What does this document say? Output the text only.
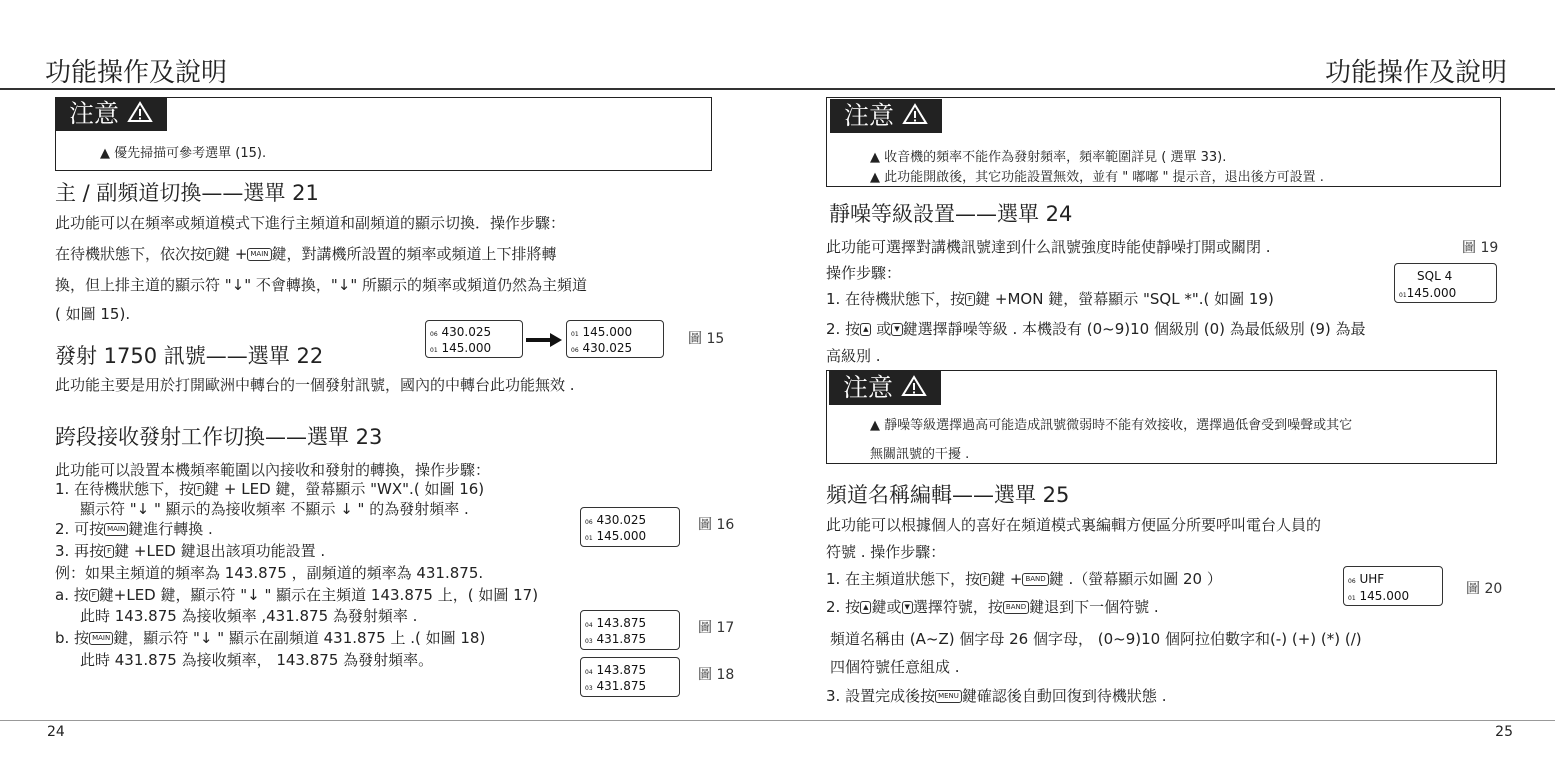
功能操作及說明	功能操作及說明
注意
▲ 優先掃描可參考選單 (15).
主 / 副頻道切換——選單 21
此功能可以在頻率或頻道模式下進行主頻道和副頻道的顯示切換．操作步驟：
在待機狀態下，依次按 F 鍵 + MAIN 鍵，對講機所設置的頻率或頻道上下排將轉
換，但上排主道的顯示符 "↓" 不會轉換，"↓" 所顯示的頻率或頻道仍然為主頻道
( 如圖 15).
06 430.025
01 145.000
01 145.000
06 430.025
圖 15
發射 1750 訊號——選單 22
此功能主要是用於打開歐洲中轉台的一個發射訊號，國內的中轉台此功能無效 .
跨段接收發射工作切換——選單 23
此功能可以設置本機頻率範圍以內接收和發射的轉換，操作步驟：
1. 在待機狀態下，按 F 鍵 + LED 鍵，螢幕顯示 "WX".( 如圖 16)
顯示符 "↓ " 顯示的為接收頻率 不顯示 ↓ " 的為發射頻率 .
2. 可按 MAIN 鍵進行轉換 .
3. 再按 F 鍵 +LED 鍵退出該項功能設置 .
例：如果主頻道的頻率為 143.875 ，副頻道的頻率為 431.875.
a. 按 F 鍵+LED 鍵，顯示符 "↓ " 顯示在主頻道 143.875 上，( 如圖 17)
此時 143.875 為接收頻率 ,431.875 為發射頻率 .
b. 按 MAIN 鍵，顯示符 "↓ " 顯示在副頻道 431.875 上 .( 如圖 18)
此時 431.875 為接收頻率， 143.875 為發射頻率。
06 430.025
01 145.000
圖 16
04 143.875
03 431.875
圖 17
04 143.875
03 431.875
圖 18
注意
▲ 收音機的頻率不能作為發射頻率，頻率範圍詳見 ( 選單 33).
▲ 此功能開啟後，其它功能設置無效，並有 " 嘟嘟 " 提示音，退出後方可設置 .
靜噪等級設置——選單 24
此功能可選擇對講機訊號達到什么訊號強度時能使靜噪打開或關閉 .	圖 19
操作步驟：	SQL 4
01145.000
1. 在待機狀態下，按 F 鍵 +MON 鍵，螢幕顯示 "SQL *".( 如圖 19)
2. 按 ▲ 或 ▼ 鍵選擇靜噪等級 . 本機設有 (0~9)10 個級別 (0) 為最低級別 (9) 為最
高級別 .
注意
▲ 靜噪等級選擇過高可能造成訊號微弱時不能有效接收，選擇過低會受到噪聲或其它
無關訊號的干擾 .
頻道名稱編輯——選單 25
此功能可以根據個人的喜好在頻道模式裏編輯方便區分所要呼叫電台人員的
符號 . 操作步驟：
1. 在主頻道狀態下，按 F 鍵 + BAND 鍵 .（螢幕顯示如圖 20 ）
2. 按 ▲ 鍵或 ▼ 選擇符號，按 BAND 鍵退到下一個符號 .
06 UHF
01 145.000	圖 20
頻道名稱由 (A~Z) 個字母 26 個字母， (0~9)10 個阿拉伯數字和(-) (+) (*) (/)
四個符號任意組成 .
3. 設置完成後按 MENU 鍵確認後自動回復到待機狀態 .
24	25
